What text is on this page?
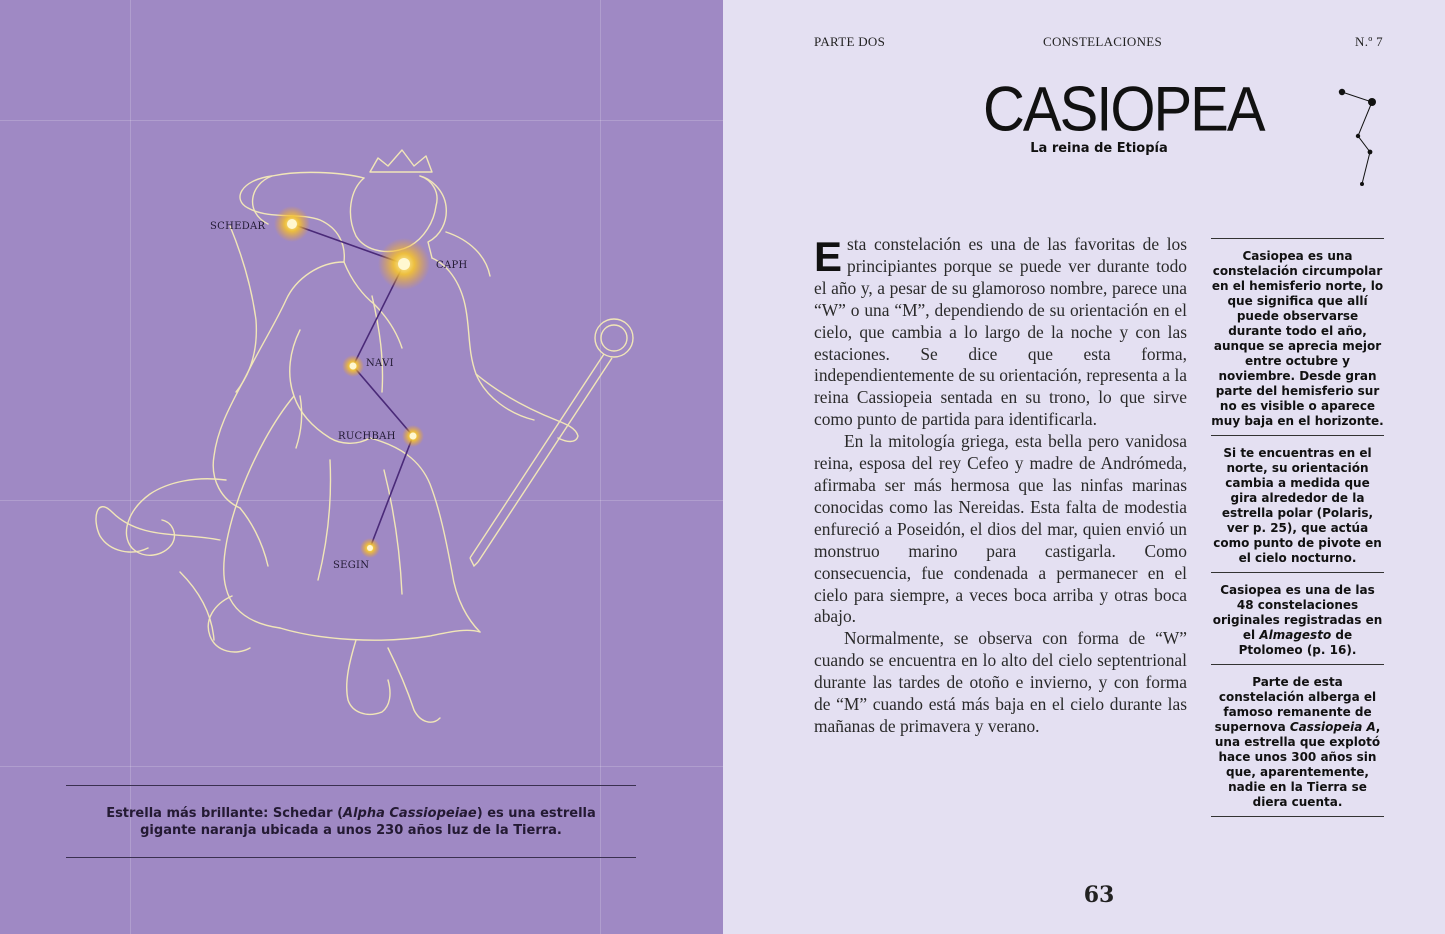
SCHEDAR
CAPH
NAVI
RUCHBAH
SEGIN
Estrella más brillante: Schedar (Alpha Cassiopeiae) es una estrella gigante naranja ubicada a unos 230 años luz de la Tierra.
PARTE DOS	CONSTELACIONES	N.º 7
CASIOPEA
La reina de Etiopía

Esta constelación es una de las favoritas de los principiantes porque se puede ver durante todo el año y, a pesar de su glamoroso nombre, parece una “W” o una “M”, dependiendo de su orientación en el cielo, que cambia a lo largo de la noche y con las estaciones. Se dice que esta forma, independientemente de su orientación, representa a la reina Cassiopeia sentada en su trono, lo que sirve como punto de partida para identificarla.

En la mitología griega, esta bella pero vanidosa reina, esposa del rey Cefeo y madre de Andrómeda, afirmaba ser más hermosa que las ninfas marinas conocidas como las Nereidas. Esta falta de modestia enfureció a Poseidón, el dios del mar, quien envió un monstruo marino para castigarla. Como consecuencia, fue condenada a permanecer en el cielo para siempre, a veces boca arriba y otras boca abajo.

Normalmente, se observa con forma de “W” cuando se encuentra en lo alto del cielo septentrional durante las tardes de otoño e invierno, y con forma de “M” cuando está más baja en el cielo durante las mañanas de primavera y verano.

Casiopea es una constelación circumpolar en el hemisferio norte, lo que significa que allí puede observarse durante todo el año, aunque se aprecia mejor entre octubre y noviembre. Desde gran parte del hemisferio sur no es visible o aparece muy baja en el horizonte.
Si te encuentras en el norte, su orientación cambia a medida que gira alrededor de la estrella polar (Polaris, ver p. 25), que actúa como punto de pivote en el cielo nocturno.
Casiopea es una de las 48 constelaciones originales registradas en el Almagesto de Ptolomeo (p. 16).
Parte de esta constelación alberga el famoso remanente de supernova Cassiopeia A, una estrella que explotó hace unos 300 años sin que, aparentemente, nadie en la Tierra se diera cuenta.
63
